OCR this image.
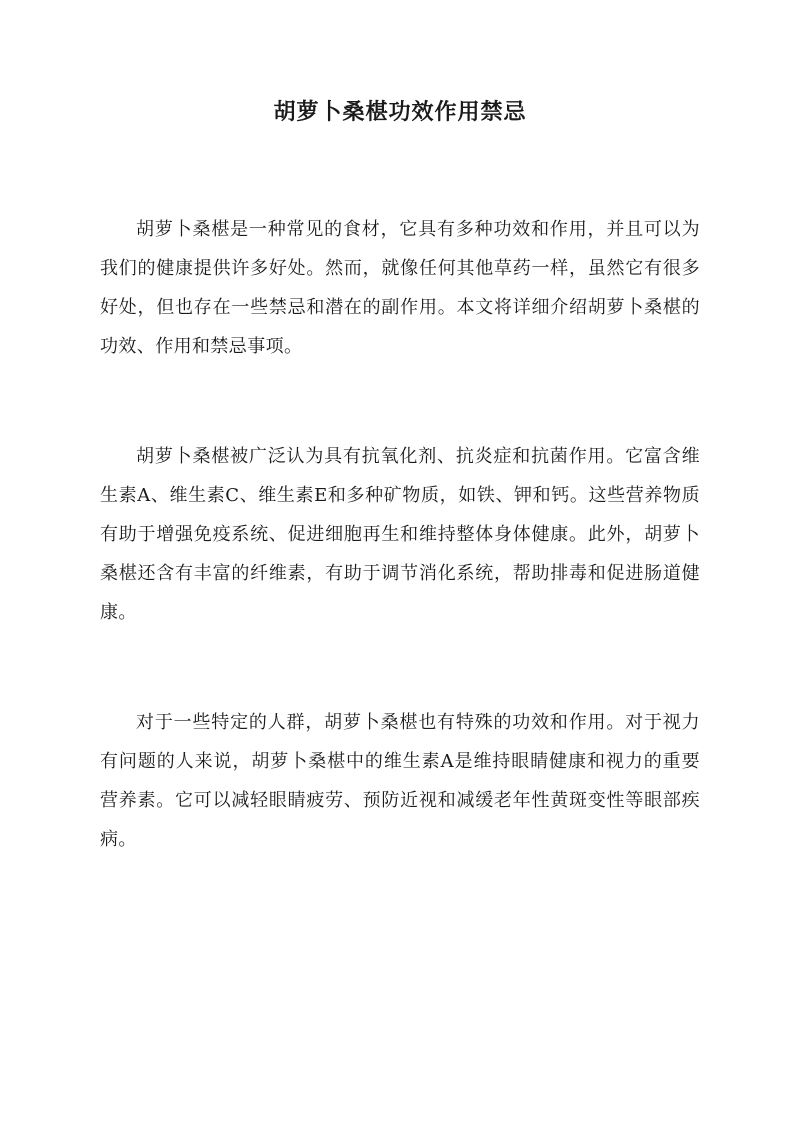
胡萝卜桑椹功效作用禁忌

胡萝卜桑椹是一种常见的食材，它具有多种功效和作用，并且可以为我们的健康提供许多好处。然而，就像任何其他草药一样，虽然它有很多好处，但也存在一些禁忌和潜在的副作用。本文将详细介绍胡萝卜桑椹的功效、作用和禁忌事项。

胡萝卜桑椹被广泛认为具有抗氧化剂、抗炎症和抗菌作用。它富含维生素A、维生素C、维生素E和多种矿物质，如铁、钾和钙。这些营养物质有助于增强免疫系统、促进细胞再生和维持整体身体健康。此外，胡萝卜桑椹还含有丰富的纤维素，有助于调节消化系统，帮助排毒和促进肠道健康。

对于一些特定的人群，胡萝卜桑椹也有特殊的功效和作用。对于视力有问题的人来说，胡萝卜桑椹中的维生素A是维持眼睛健康和视力的重要营养素。它可以减轻眼睛疲劳、预防近视和减缓老年性黄斑变性等眼部疾病。
